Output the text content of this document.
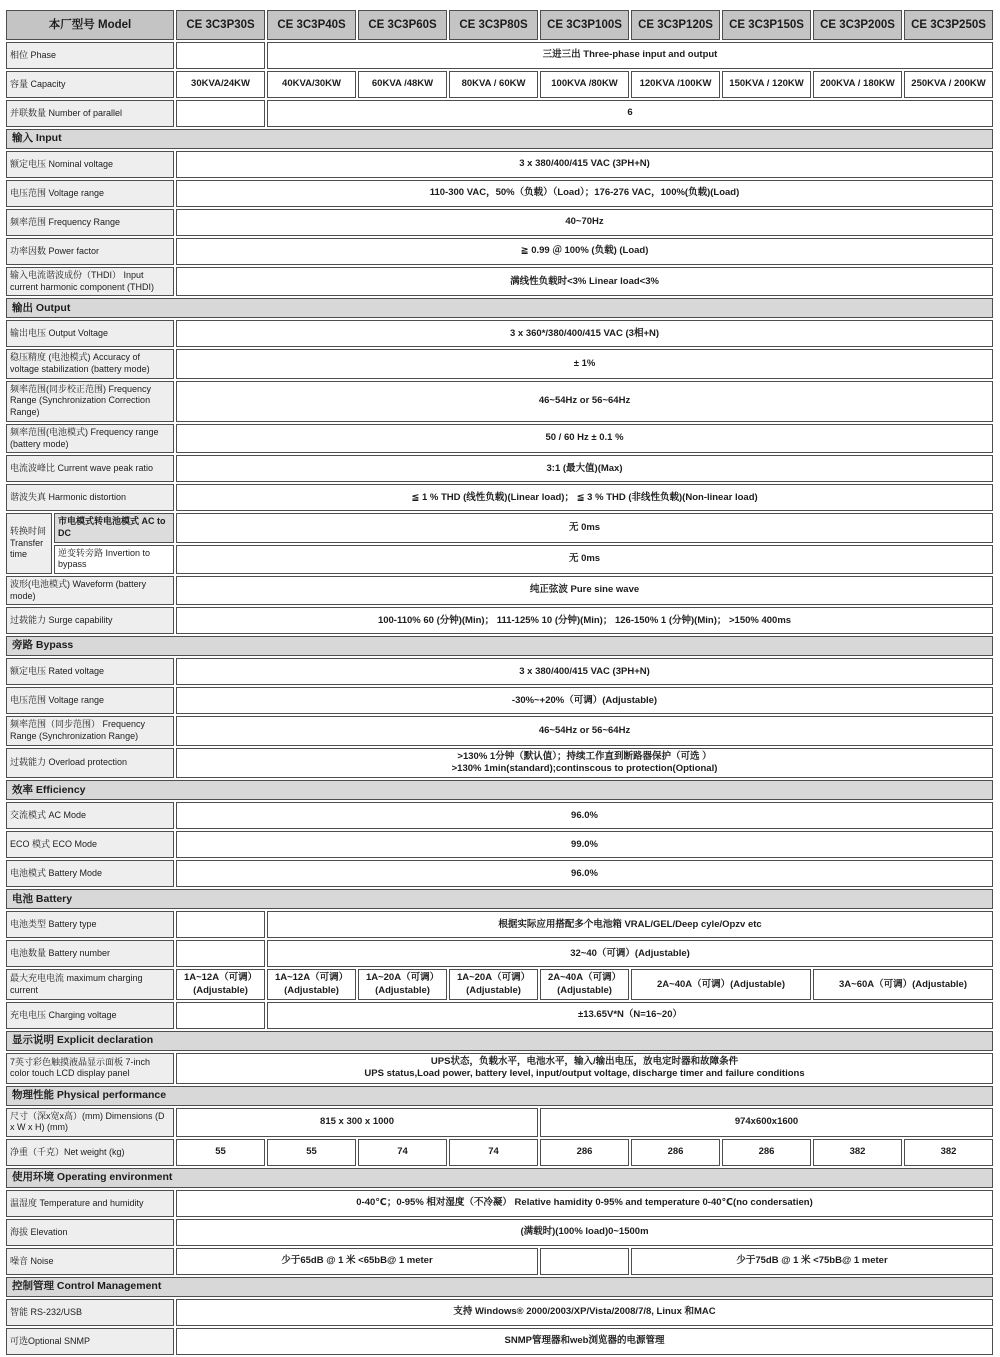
本厂型号 Model		CE 3C3P30S	CE 3C3P40S	CE 3C3P60S	CE 3C3P80S	CE 3C3P100S	CE 3C3P120S	CE 3C3P150S	CE 3C3P200S	CE 3C3P250S
相位 Phase			三进三出 Three-phase input and output							
容量 Capacity		30KVA/24KW	40KVA/30KW	60KVA /48KW	80KVA / 60KW	100KVA /80KW	120KVA /100KW	150KVA / 120KW	200KVA / 180KW	250KVA / 200KW
并联数量 Number of parallel			6							
输入 Input										
额定电压 Nominal voltage		3 x 380/400/415 VAC (3PH+N)								
电压范围 Voltage range		110-300 VAC，50%（负载）（Load）；176-276 VAC，100%(负载)(Load)								
频率范围 Frequency Range		40~70Hz								
功率因数 Power factor		≧ 0.99 ＠ 100% (负载) (Load)								
输入电流谐波成份（THDI） Input current harmonic component (THDI)		满线性负载时<3% Linear load<3%								
输出 Output										
输出电压 Output Voltage		3 x 360*/380/400/415 VAC (3相+N)								
稳压精度 (电池模式) Accuracy of voltage stabilization (battery mode)		± 1%								
频率范围(同步校正范围) Frequency Range (Synchronization Correction Range)		46~54Hz or 56~64Hz								
频率范围(电池模式) Frequency range (battery mode)		50 / 60 Hz ± 0.1 %								
电流波峰比 Current wave peak ratio		3:1 (最大值)(Max)								
谐波失真 Harmonic distortion		≦ 1 % THD (线性负载)(Linear load)； ≦ 3 % THD (非线性负载)(Non-linear load)								
转换时间 Transfer time	市电模式转电池模式 AC to DC	无 0ms								
	逆变转旁路 Invertion to bypass	无 0ms								
波形(电池模式) Waveform (battery mode)		纯正弦波 Pure sine wave								
过载能力 Surge capability		100-110% 60 (分钟)(Min)； 111-125% 10 (分钟)(Min)； 126-150% 1 (分钟)(Min)； >150% 400ms								
旁路 Bypass										
额定电压 Rated voltage		3 x 380/400/415 VAC (3PH+N)								
电压范围 Voltage range		-30%~+20%（可调）(Adjustable)								
频率范围（同步范围） Frequency Range (Synchronization Range)		46~54Hz or 56~64Hz								
过载能力 Overload protection		>130% 1分钟（默认值）；持续工作直到断路器保护（可选 ）
>130% 1min(standard);continscous to protection(Optional)								

效率 Efficiency										
交流模式 AC Mode		96.0%								
ECO 模式 ECO Mode		99.0%								
电池模式 Battery Mode		96.0%								
电池 Battery										
电池类型 Battery type			根据实际应用搭配多个电池箱 VRAL/GEL/Deep cyle/Opzv etc							
电池数量 Battery number			32~40（可调）(Adjustable)							
最大充电电流 maximum charging current		1A~12A（可调）(Adjustable)	1A~12A（可调）(Adjustable)	1A~20A（可调）(Adjustable)	1A~20A（可调）(Adjustable)	2A~40A（可调）(Adjustable)	2A~40A（可调）(Adjustable)		3A~60A（可调）(Adjustable)	
充电电压 Charging voltage			±13.65V*N（N=16~20）							
显示说明 Explicit declaration										
7英寸彩色触摸液晶显示面板 7-inch color touch LCD display panel		UPS状态，负载水平，电池水平，输入/输出电压，放电定时器和故障条件
UPS status,Load power, battery level, input/output voltage, discharge timer and failure conditions								

物理性能 Physical performance										
尺寸（深x宽x高）(mm) Dimensions (D x W x H) (mm)		815 x 300 x 1000				974x600x1600				
净重（千克）Net weight (kg)		55	55	74	74	286	286	286	382	382
使用环境 Operating environment										
温湿度 Temperature and humidity		0-40℃；0-95% 相对湿度（不冷凝） Relative hamidity 0-95% and temperature 0-40℃(no condersatien)								
海拔 Elevation		(满载时)(100% load)0~1500m								
噪音 Noise		少于65dB @ 1 米 <65bB@ 1 meter					少于75dB @ 1 米 <75bB@ 1 meter			
控制管理 Control Management										
智能 RS-232/USB		支持 Windows® 2000/2003/XP/Vista/2008/7/8, Linux 和MAC								
可选Optional SNMP		SNMP管理器和web浏览器的电源管理								
